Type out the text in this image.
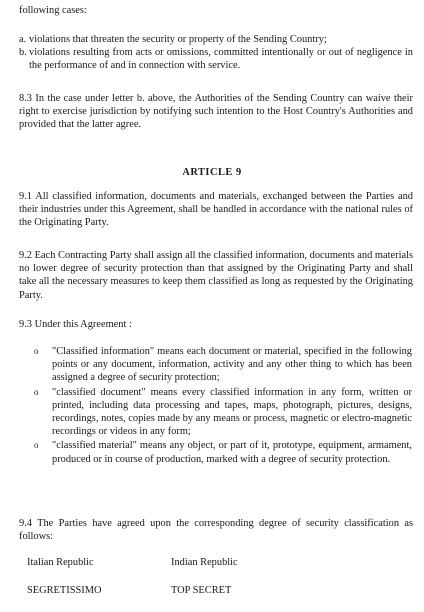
following cases:

a. violations that threaten the security or property of the Sending Country;
b. violations resulting from acts or omissions, committed intentionally or out of negligence in the performance of and in connection with service.

8.3 In the case under letter b. above, the Authorities of the Sending Country can waive their right to exercise jurisdiction by notifying such intention to the Host Country's Authorities and provided that the latter agree.

ARTICLE 9

9.1 All classified information, documents and materials, exchanged between the Parties and their industries under this Agreement, shall be handled in accordance with the national rules of the Originating Party.

9.2 Each Contracting Party shall assign all the classified information, documents and materials no lower degree of security protection than that assigned by the Originating Party and shall take all the necessary measures to keep them classified as long as requested by the Originating Party.

9.3 Under this Agreement :

o	"Classified information" means each document or material, specified in the following points or any document, information, activity and any other thing to which has been assigned a degree of security protection;
o	"classified document" means every classified information in any form, written or printed, including data processing and tapes, maps, photograph, pictures, designs, recordings, notes, copies made by any means or process, magnetic or electro-magnetic recordings or videos in any form;
o	"classified material" means any object, or part of it, prototype, equipment, armament, produced or in course of production, marked with a degree of security protection.

9.4 The Parties have agreed upon the corresponding degree of security classification as follows:

Italian Republic	Indian Republic
SEGRETISSIMO	TOP SECRET
